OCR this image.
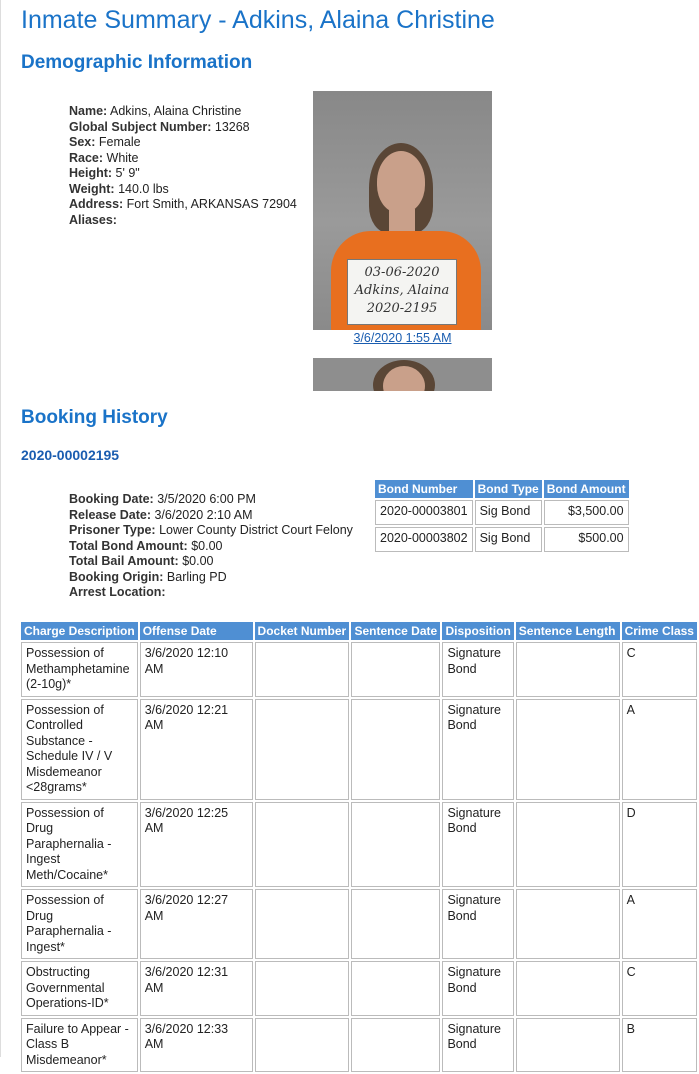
Inmate Summary - Adkins, Alaina Christine
Demographic Information
Name: Adkins, Alaina Christine
Global Subject Number: 13268
Sex: Female
Race: White
Height: 5' 9"
Weight: 140.0 lbs
Address: Fort Smith, ARKANSAS 72904
Aliases:
03-06-2020
Adkins, Alaina
2020-2195
3/6/2020 1:55 AM
Booking History
2020-00002195
Booking Date: 3/5/2020 6:00 PM
Release Date: 3/6/2020 2:10 AM
Prisoner Type: Lower County District Court Felony
Total Bond Amount: $0.00
Total Bail Amount: $0.00
Booking Origin: Barling PD
Arrest Location:
Bond Number	Bond Type	Bond Amount
2020-00003801	Sig Bond	$3,500.00
2020-00003802	Sig Bond	$500.00
Charge Description	Offense Date	Docket Number	Sentence Date	Disposition	Sentence Length	Crime Class
Possession of Methamphetamine (2-10g)*	3/6/2020 12:10 AM			Signature Bond		C
Possession of Controlled Substance - Schedule IV / V Misdemeanor <28grams*	3/6/2020 12:21 AM			Signature Bond		A
Possession of Drug Paraphernalia - Ingest Meth/Cocaine*	3/6/2020 12:25 AM			Signature Bond		D
Possession of Drug Paraphernalia - Ingest*	3/6/2020 12:27 AM			Signature Bond		A
Obstructing Governmental Operations-ID*	3/6/2020 12:31 AM			Signature Bond		C
Failure to Appear - Class B Misdemeanor*	3/6/2020 12:33 AM			Signature Bond		B
